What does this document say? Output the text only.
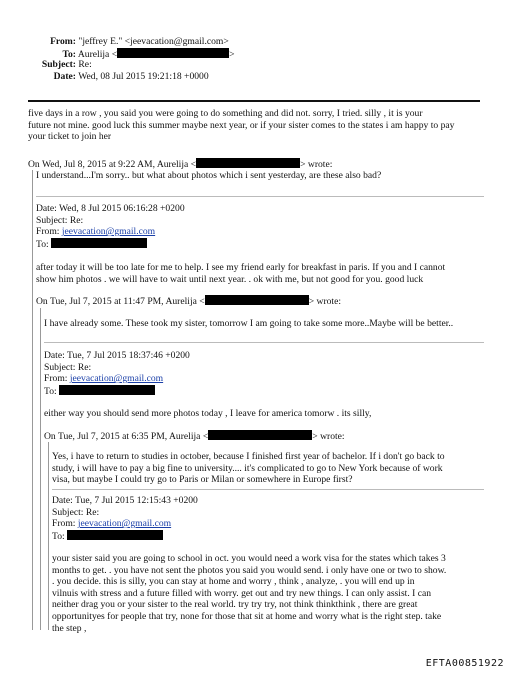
From: "jeffrey E." <jeevacation@gmail.com>
To: Aurelija <	>
Subject: Re:
Date: Wed, 08 Jul 2015 19:21:18 +0000

five days in a row , you said you were going to do something and did not. sorry, I tried. silly , it is your

future not mine. good luck this summer maybe next year, or if your sister comes to the states i am happy to pay

your ticket to join her

On Wed, Jul 8, 2015 at 9:22 AM, Aurelija <	> wrote:

I understand...I'm sorry.. but what about photos which i sent yesterday, are these also bad?

Date: Wed, 8 Jul 2015 06:16:28 +0200

Subject: Re:

From: jeevacation@gmail.com

To:

after today it will be too late for me to help. I see my friend early for breakfast in paris. If you and I cannot

show him photos . we will have to wait until next year. . ok with me, but not good for you. good luck

On Tue, Jul 7, 2015 at 11:47 PM, Aurelija <	> wrote:

I have already some. These took my sister, tomorrow I am going to take some more..Maybe will be better..

Date: Tue, 7 Jul 2015 18:37:46 +0200

Subject: Re:

From: jeevacation@gmail.com

To:

either way you should send more photos today , I leave for america tomorw . its silly,

On Tue, Jul 7, 2015 at 6:35 PM, Aurelija <	> wrote:

Yes, i have to return to studies in october, because I finished first year of bachelor. If i don't go back to

study, i will have to pay a big fine to university.... it's complicated to go to New York because of work

visa, but maybe I could try go to Paris or Milan or somewhere in Europe first?

Date: Tue, 7 Jul 2015 12:15:43 +0200

Subject: Re:

From: jeevacation@gmail.com

To:

your sister said you are going to school in oct. you would need a work visa for the states which takes 3

months to get. . you have not sent the photos you said you would send. i only have one or two to show.

. you decide. this is silly, you can stay at home and worry , think , analyze, . you will end up in

vilnuis with stress and a future filled with worry. get out and try new things. I can only assist. I can

neither drag you or your sister to the real world. try try try, not think thinkthink , there are great

opportunityes for people that try, none for those that sit at home and worry what is the right step. take

the step ,

EFTA00851922
